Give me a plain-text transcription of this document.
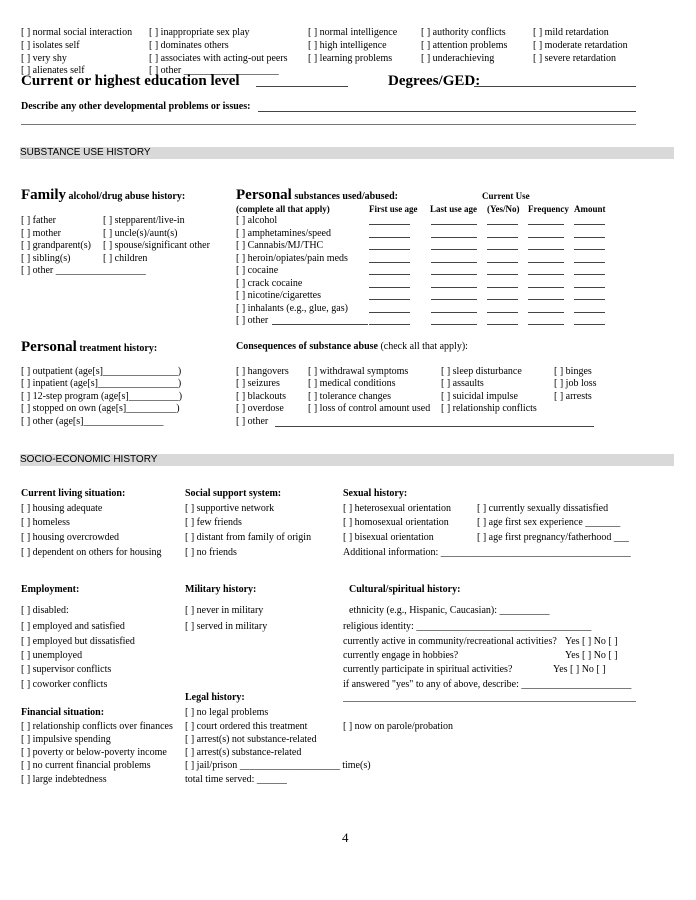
[ ] normal social interaction
[ ] isolates self
[ ] very shy
[ ] alienates self
[ ] inappropriate sex play
[ ] dominates others
[ ] associates with acting-out peers
[ ] other ___________________
[ ] normal intelligence
[ ] high intelligence
[ ] learning problems
[ ] authority conflicts
[ ] attention problems
[ ] underachieving
[ ] mild retardation
[ ] moderate retardation
[ ] severe retardation
Current or highest education level	Degrees/GED:
Describe any other developmental problems or issues:
SUBSTANCE USE HISTORY
Family alcohol/drug abuse history:
[ ] father
[ ] mother
[ ] grandparent(s)
[ ] sibling(s)
[ ] other __________________
[ ] stepparent/live-in
[ ] uncle(s)/aunt(s)
[ ] spouse/significant other
[ ] children
Personal substances used/abused:	Current Use
(complete all that apply)	First use age Last use age (Yes/No) Frequency Amount
[ ] alcohol
[ ] amphetamines/speed
[ ] Cannabis/MJ/THC
[ ] heroin/opiates/pain meds
[ ] cocaine
[ ] crack cocaine
[ ] nicotine/cigarettes
[ ] inhalants (e.g., glue, gas)
[ ] other
Personal treatment history:
[ ] outpatient (age[s]_______________)
[ ] inpatient (age[s]________________)
[ ] 12-step program (age[s]__________)
[ ] stopped on own (age[s]__________)
[ ] other (age[s]________________
Consequences of substance abuse (check all that apply):
[ ] hangovers
[ ] seizures
[ ] blackouts
[ ] overdose
[ ] other
[ ] withdrawal symptoms
[ ] medical conditions
[ ] tolerance changes
[ ] loss of control amount used
[ ] sleep disturbance
[ ] assaults
[ ] suicidal impulse
[ ] relationship conflicts
[ ] binges
[ ] job loss
[ ] arrests
SOCIO-ECONOMIC HISTORY
Current living situation:
[ ] housing adequate
[ ] homeless
[ ] housing overcrowded
[ ] dependent on others for housing
Social support system:
[ ] supportive network
[ ] few friends
[ ] distant from family of origin
[ ] no friends
Sexual history:
[ ] heterosexual orientation
[ ] homosexual orientation
[ ] bisexual orientation
[ ] currently sexually dissatisfied
[ ] age first sex experience _______
[ ] age first pregnancy/fatherhood ___
Additional information: ______________________________________
Employment:
[ ] disabled:
[ ] employed and satisfied
[ ] employed but dissatisfied
[ ] unemployed
[ ] supervisor conflicts
[ ] coworker conflicts
Military history:
[ ] never in military
[ ] served in military
Cultural/spiritual history:
ethnicity (e.g., Hispanic, Caucasian): __________
religious identity: ___________________________________
currently active in community/recreational activities? Yes [ ] No [ ]
currently engage in hobbies?	Yes [ ] No [ ]
currently participate in spiritual activities?	Yes [ ] No [ ]
if answered "yes" to any of above, describe: ______________________
Legal history:
[ ] no legal problems
[ ] court ordered this treatment
[ ] arrest(s) not substance-related
[ ] arrest(s) substance-related
[ ] jail/prison ____________________ time(s)
total time served: ______
[ ] now on parole/probation
Financial situation:
[ ] relationship conflicts over finances
[ ] impulsive spending
[ ] poverty or below-poverty income
[ ] no current financial problems
[ ] large indebtedness
4
